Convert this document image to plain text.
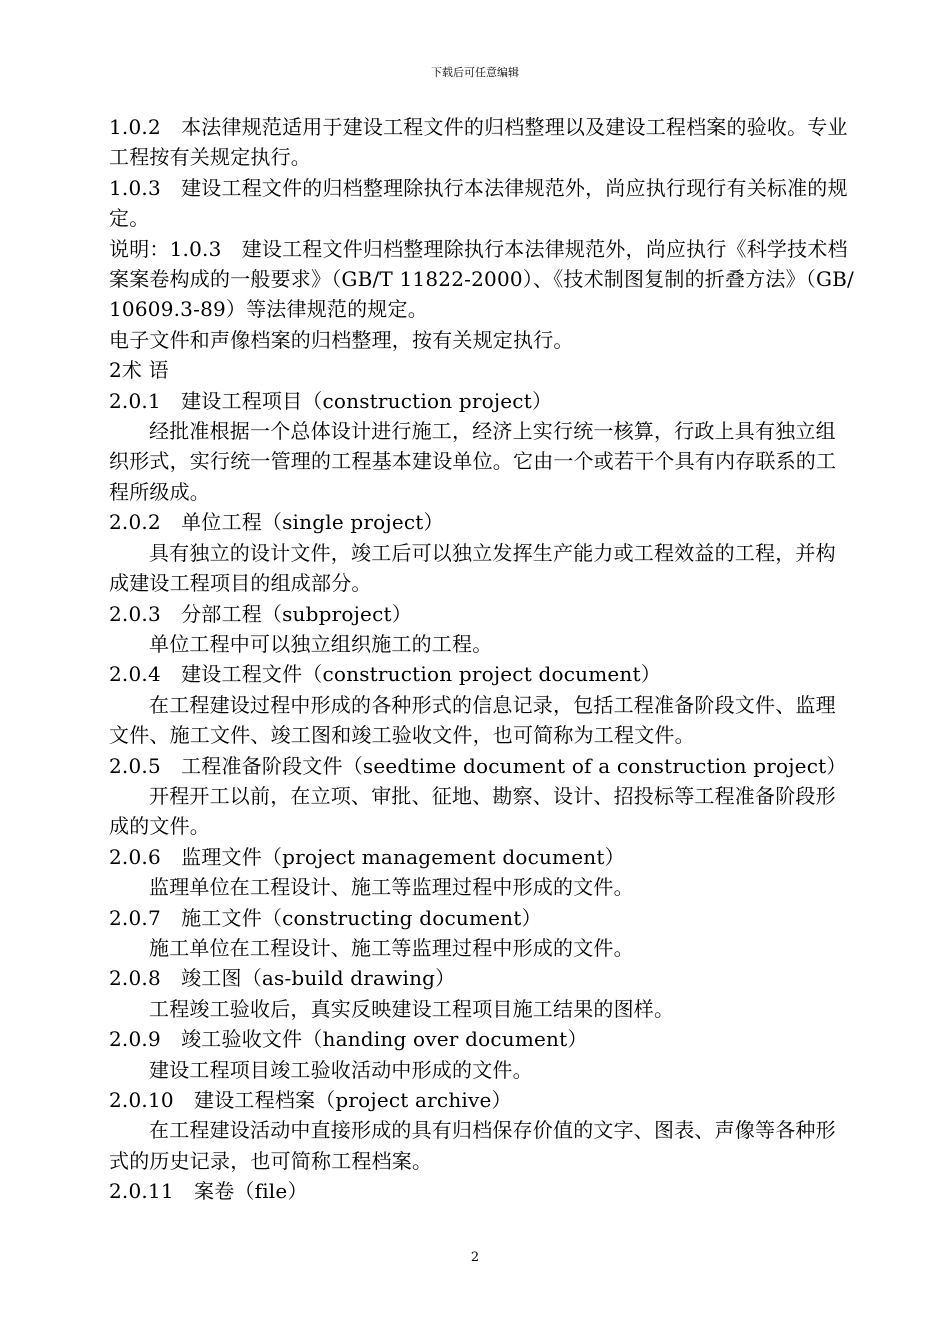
下载后可任意编辑

1.0.2　本法律规范适用于建设工程文件的归档整理以及建设工程档案的验收。专业工程按有关规定执行。

1.0.3　建设工程文件的归档整理除执行本法律规范外，尚应执行现行有关标准的规定。

说明：1.0.3　建设工程文件归档整理除执行本法律规范外，尚应执行《科学技术档案案卷构成的一般要求》（GB/T 11822-2000）、《技术制图复制的折叠方法》（GB/10609.3-89）等法律规范的规定。

电子文件和声像档案的归档整理，按有关规定执行。

2术 语

2.0.1　建设工程项目（construction project）

经批准根据一个总体设计进行施工，经济上实行统一核算，行政上具有独立组织形式，实行统一管理的工程基本建设单位。它由一个或若干个具有内存联系的工程所级成。

2.0.2　单位工程（single project）

具有独立的设计文件，竣工后可以独立发挥生产能力或工程效益的工程，并构成建设工程项目的组成部分。

2.0.3　分部工程（subproject）

单位工程中可以独立组织施工的工程。

2.0.4　建设工程文件（construction project document）

在工程建设过程中形成的各种形式的信息记录，包括工程准备阶段文件、监理文件、施工文件、竣工图和竣工验收文件，也可简称为工程文件。

2.0.5　工程准备阶段文件（seedtime document of a construction project）

开程开工以前，在立项、审批、征地、勘察、设计、招投标等工程准备阶段形成的文件。

2.0.6　监理文件（project management document）

监理单位在工程设计、施工等监理过程中形成的文件。

2.0.7　施工文件（constructing document）

施工单位在工程设计、施工等监理过程中形成的文件。

2.0.8　竣工图（as-build drawing）

工程竣工验收后，真实反映建设工程项目施工结果的图样。

2.0.9　竣工验收文件（handing over document）

建设工程项目竣工验收活动中形成的文件。

2.0.10　建设工程档案（project archive）

在工程建设活动中直接形成的具有归档保存价值的文字、图表、声像等各种形式的历史记录，也可简称工程档案。

2.0.11　案卷（file）

2
